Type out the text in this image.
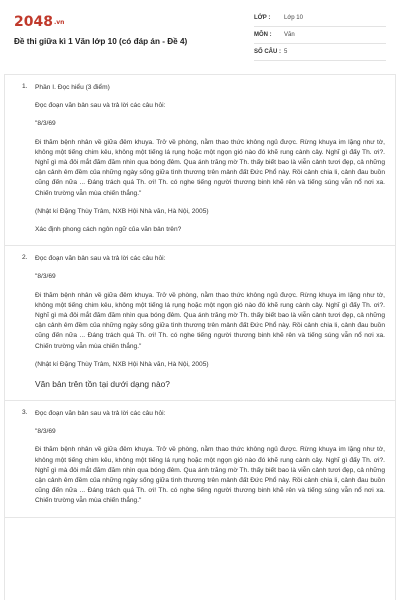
2048.vn
Đề thi giữa kì 1 Văn lớp 10 (có đáp án - Đề 4)
LỚP :	Lớp 10
MÔN :	Văn
SỐ CÂU : 5
1. Phần I. Đọc hiểu (3 điểm)

Đọc đoạn văn bản sau và trả lời các câu hỏi:

"8/3/69

Đi thăm bệnh nhân về giữa đêm khuya. Trở về phòng, nằm thao thức không ngủ được. Rừng khuya im lặng như tờ, không một tiếng chim kêu, không một tiếng lá rụng hoặc một ngọn gió nào đó khẽ rung cành cây. Nghĩ gì đấy Th. ơi?. Nghĩ gì mà đôi mắt đăm đăm nhìn qua bóng đêm. Qua ánh trăng mờ Th. thấy biết bao là viễn cảnh tươi đẹp, cả những cận cảnh êm đềm của những ngày sống giữa tình thương trên mảnh đất Đức Phổ này. Rồi cảnh chia li, cảnh đau buồn cũng đến nữa ... Đáng trách quá Th. ơi! Th. có nghe tiếng người thương binh khẽ rên và tiếng súng vẫn nổ nơi xa. Chiến trường vẫn mùa chiến thắng."

(Nhật kí Đặng Thùy Trâm, NXB Hội Nhà văn, Hà Nội, 2005)

Xác định phong cách ngôn ngữ của văn bản trên?

2. Đọc đoạn văn bản sau và trả lời các câu hỏi:

"8/3/69

Đi thăm bệnh nhân về giữa đêm khuya. Trở về phòng, nằm thao thức không ngủ được. Rừng khuya im lặng như tờ, không một tiếng chim kêu, không một tiếng lá rụng hoặc một ngọn gió nào đó khẽ rung cành cây. Nghĩ gì đấy Th. ơi?. Nghĩ gì mà đôi mắt đăm đăm nhìn qua bóng đêm. Qua ánh trăng mờ Th. thấy biết bao là viễn cảnh tươi đẹp, cả những cận cảnh êm đềm của những ngày sống giữa tình thương trên mảnh đất Đức Phổ này. Rồi cảnh chia li, cảnh đau buồn cũng đến nữa ... Đáng trách quá Th. ơi! Th. có nghe tiếng người thương binh khẽ rên và tiếng súng vẫn nổ nơi xa. Chiến trường vẫn mùa chiến thắng."

(Nhật kí Đặng Thùy Trâm, NXB Hội Nhà văn, Hà Nội, 2005)

Văn bản trên tồn tại dưới dạng nào?

3. Đọc đoạn văn bản sau và trả lời các câu hỏi:

"8/3/69

Đi thăm bệnh nhân về giữa đêm khuya. Trở về phòng, nằm thao thức không ngủ được. Rừng khuya im lặng như tờ, không một tiếng chim kêu, không một tiếng lá rụng hoặc một ngọn gió nào đó khẽ rung cành cây. Nghĩ gì đấy Th. ơi?. Nghĩ gì mà đôi mắt đăm đăm nhìn qua bóng đêm. Qua ánh trăng mờ Th. thấy biết bao là viễn cảnh tươi đẹp, cả những cận cảnh êm đềm của những ngày sống giữa tình thương trên mảnh đất Đức Phổ này. Rồi cảnh chia li, cảnh đau buồn cũng đến nữa ... Đáng trách quá Th. ơi! Th. có nghe tiếng người thương binh khẽ rên và tiếng súng vẫn nổ nơi xa. Chiến trường vẫn mùa chiến thắng."
